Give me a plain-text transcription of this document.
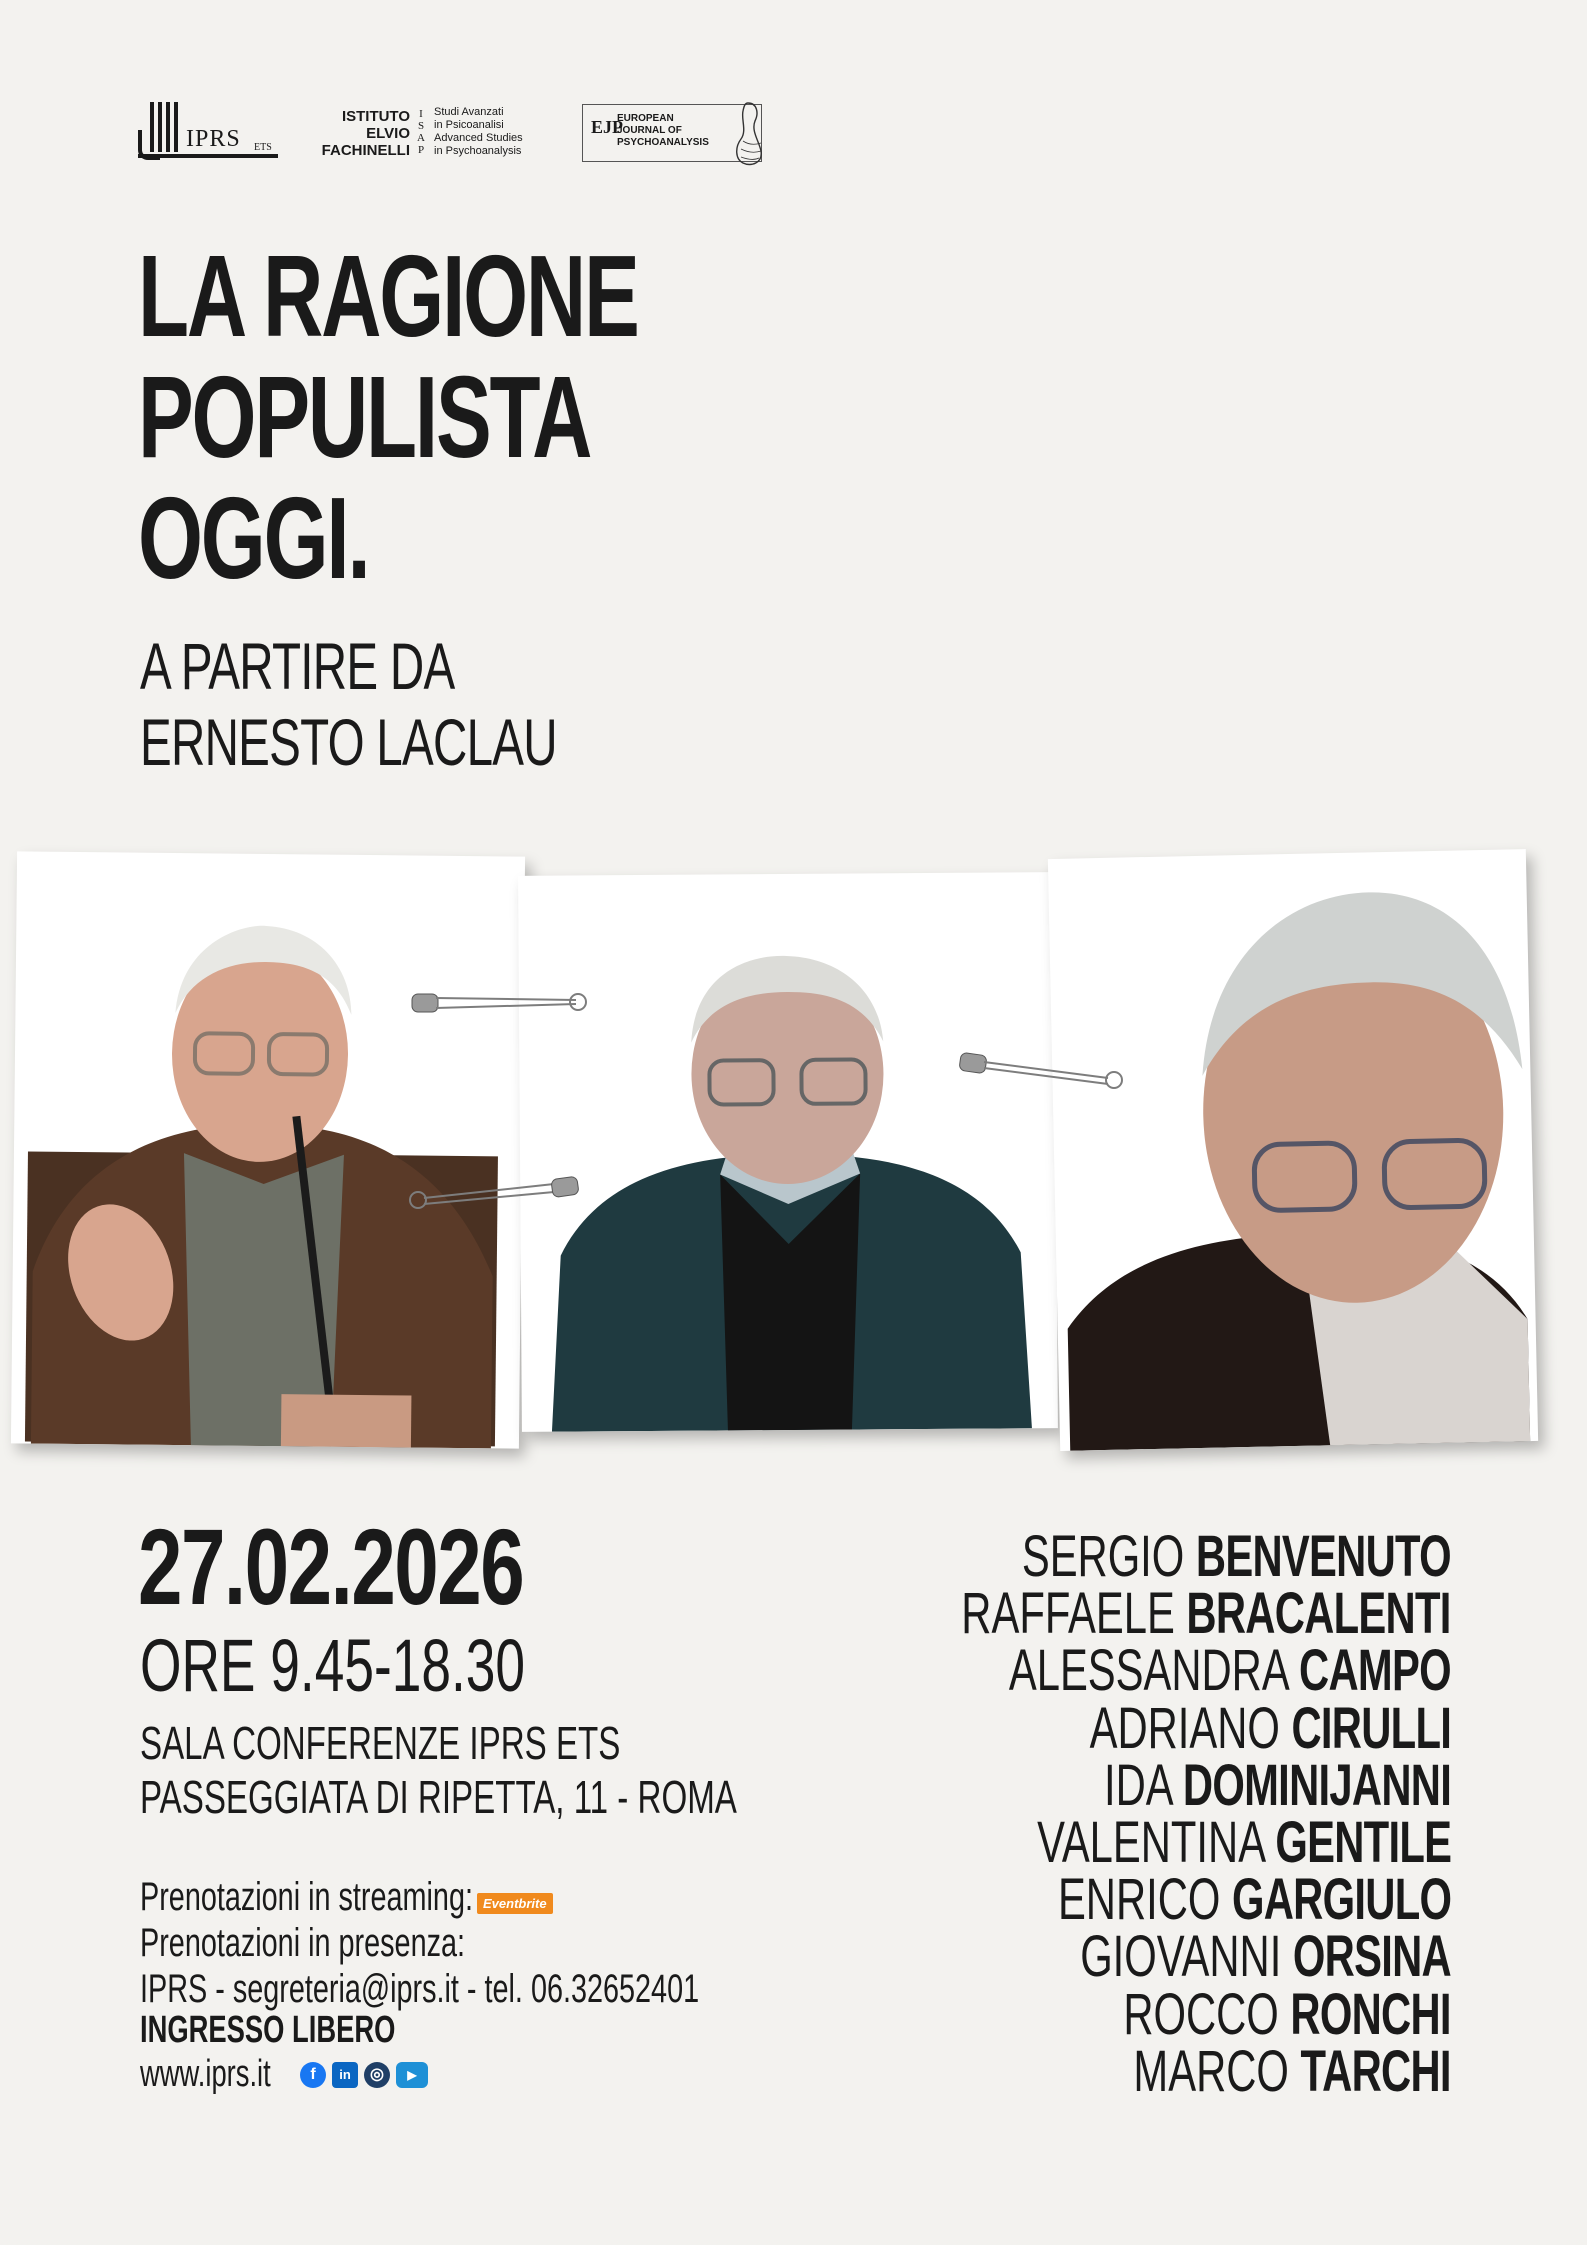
IPRS ETS
ISTITUTO
ELVIO
FACHINELLI
I
S
A
P
Studi Avanzati
in Psicoanalisi
Advanced Studies
in Psychoanalysis
EJP
EUROPEAN
JOURNAL OF
PSYCHOANALYSIS
LA RAGIONE
POPULISTA
OGGI.
A PARTIRE DA
ERNESTO LACLAU
27.02.2026
ORE 9.45-18.30
SALA CONFERENZE IPRS ETS
PASSEGGIATA DI RIPETTA, 11 - ROMA
Prenotazioni in streaming:
Prenotazioni in presenza:
IPRS - segreteria@iprs.it - tel. 06.32652401
Eventbrite
INGRESSO LIBERO
www.iprs.it	f	in	◎	▶
SERGIO BENVENUTO
RAFFAELE BRACALENTI
ALESSANDRA CAMPO
ADRIANO CIRULLI
IDA DOMINIJANNI
VALENTINA GENTILE
ENRICO GARGIULO
GIOVANNI ORSINA
ROCCO RONCHI
MARCO TARCHI
